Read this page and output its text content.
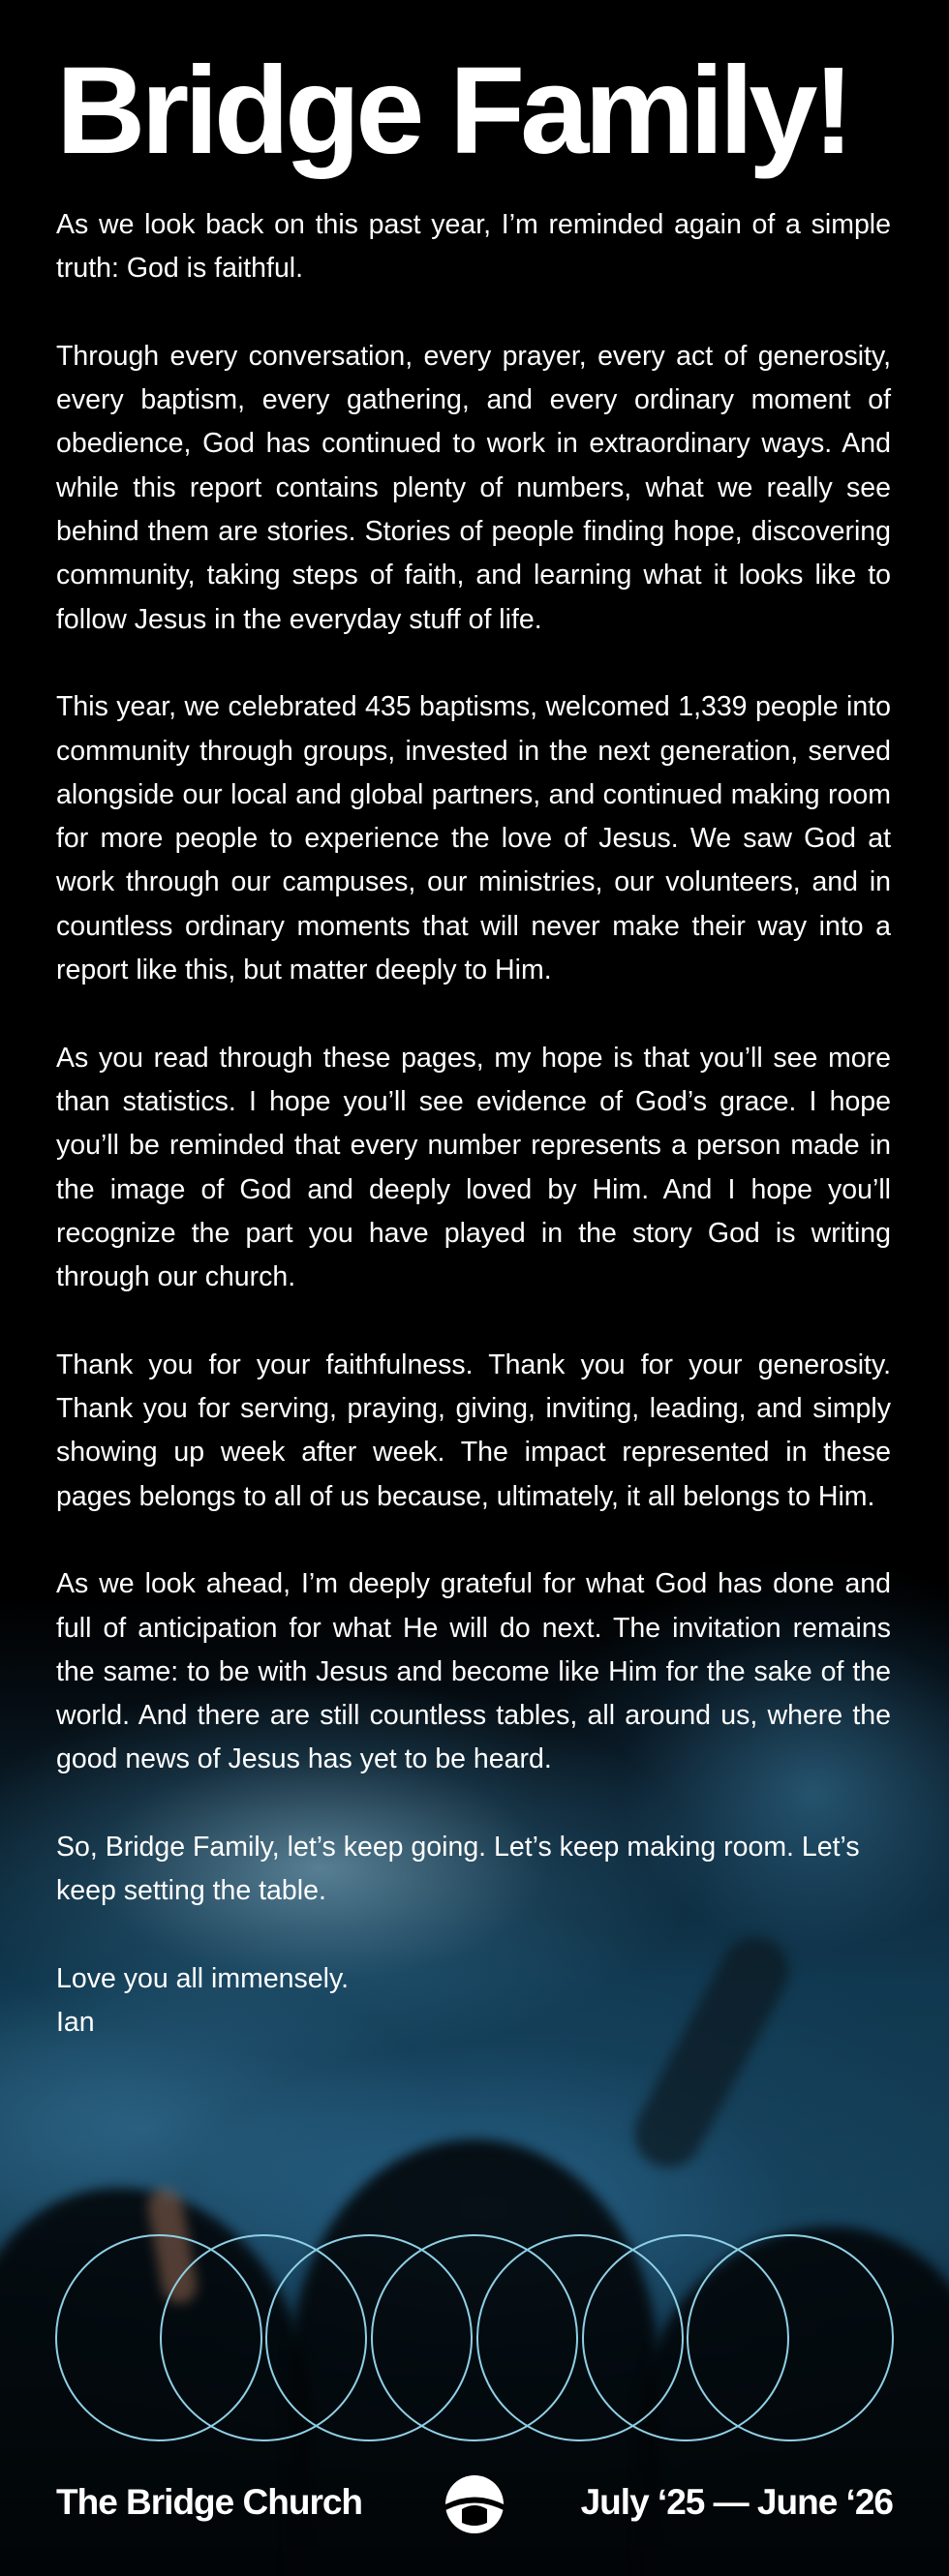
Bridge Family!

As we look back on this past year, I’m reminded again of a simple truth: God is faithful.

Through every conversation, every prayer, every act of generosity, every baptism, every gathering, and every ordinary moment of obedience, God has continued to work in extraordinary ways. And while this report contains plenty of numbers, what we really see behind them are stories. Stories of people finding hope, discovering community, taking steps of faith, and learning what it looks like to follow Jesus in the everyday stuff of life.

This year, we celebrated 435 baptisms, welcomed 1,339 people into community through groups, invested in the next generation, served alongside our local and global partners, and continued making room for more people to experience the love of Jesus. We saw God at work through our campuses, our ministries, our volunteers, and in countless ordinary moments that will never make their way into a report like this, but matter deeply to Him.

As you read through these pages, my hope is that you’ll see more than statistics. I hope you’ll see evidence of God’s grace. I hope you’ll be reminded that every number represents a person made in the image of God and deeply loved by Him. And I hope you’ll recognize the part you have played in the story God is writing through our church.

Thank you for your faithfulness. Thank you for your generosity. Thank you for serving, praying, giving, inviting, leading, and simply showing up week after week. The impact represented in these pages belongs to all of us because, ultimately, it all belongs to Him.

As we look ahead, I’m deeply grateful for what God has done and full of anticipation for what He will do next. The invitation remains the same: to be with Jesus and become like Him for the sake of the world. And there are still countless tables, all around us, where the good news of Jesus has yet to be heard.

So, Bridge Family, let’s keep going. Let’s keep making room. Let’s keep setting the table.

Love you all immensely.
Ian

The Bridge Church	July ‘25 — June ‘26
